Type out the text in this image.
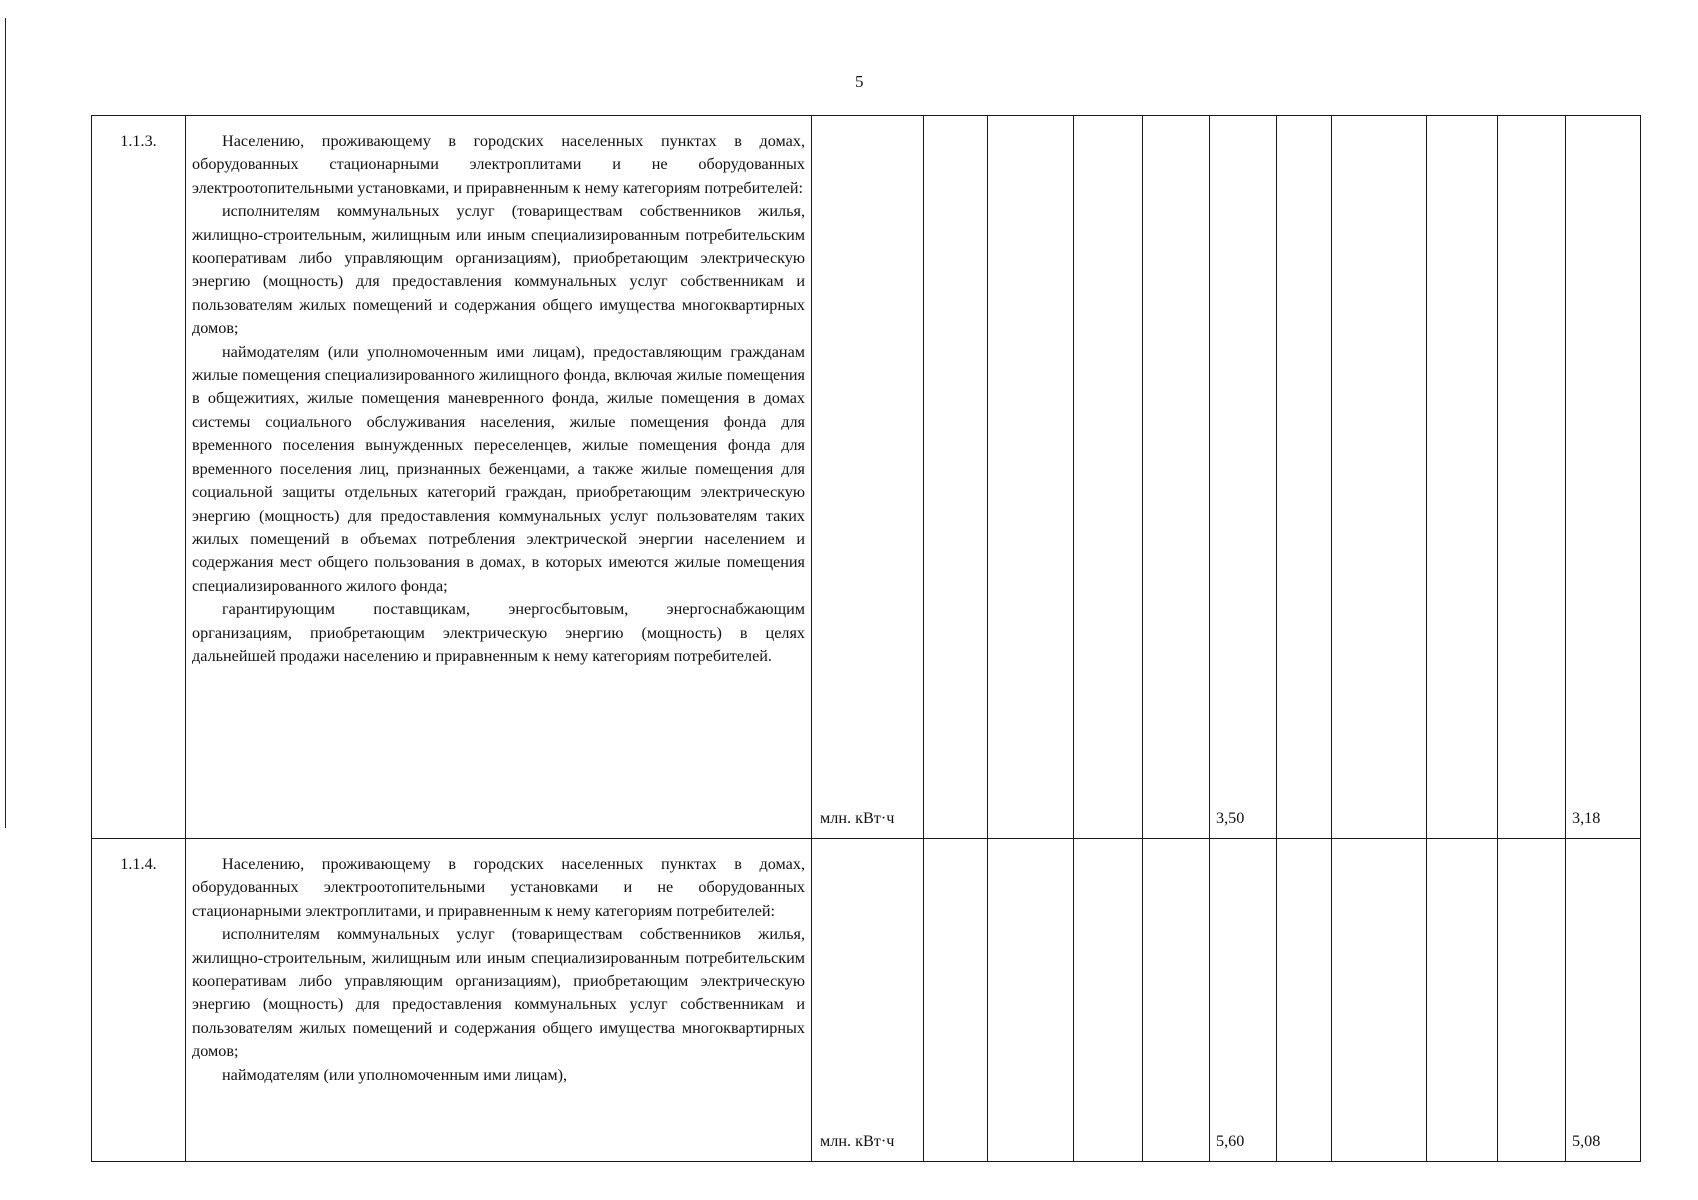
5
1.1.3.	Населению, проживающему в городских населенных пунктах в домах, оборудованных стационарными электроплитами и не оборудованных электроотопительными установками, и приравненным к нему категориям потребителей:

исполнителям коммунальных услуг (товариществам собственников жилья, жилищно-строительным, жилищным или иным специализированным потребительским кооперативам либо управляющим организациям), приобретающим электрическую энергию (мощность) для предоставления коммунальных услуг собственникам и пользователям жилых помещений и содержания общего имущества многоквартирных домов;

наймодателям (или уполномоченным ими лицам), предоставляющим гражданам жилые помещения специализированного жилищного фонда, включая жилые помещения в общежитиях, жилые помещения маневренного фонда, жилые помещения в домах системы социального обслуживания населения, жилые помещения фонда для временного поселения вынужденных переселенцев, жилые помещения фонда для временного поселения лиц, признанных беженцами, а также жилые помещения для социальной защиты отдельных категорий граждан, приобретающим электрическую энергию (мощность) для предоставления коммунальных услуг пользователям таких жилых помещений в объемах потребления электрической энергии населением и содержания мест общего пользования в домах, в которых имеются жилые помещения специализированного жилого фонда;

гарантирующим поставщикам, энергосбытовым, энергоснабжающим организациям, приобретающим электрическую энергию (мощность) в целях дальнейшей продажи населению и приравненным к нему категориям потребителей.	млн. кВт·ч					3,50					3,18
1.1.4.	Населению, проживающему в городских населенных пунктах в домах, оборудованных электроотопительными установками и не оборудованных стационарными электроплитами, и приравненным к нему категориям потребителей:

исполнителям коммунальных услуг (товариществам собственников жилья, жилищно-строительным, жилищным или иным специализированным потребительским кооперативам либо управляющим организациям), приобретающим электрическую энергию (мощность) для предоставления коммунальных услуг собственникам и пользователям жилых помещений и содержания общего имущества многоквартирных домов;

наймодателям (или уполномоченным ими лицам),	млн. кВт·ч					5,60					5,08
